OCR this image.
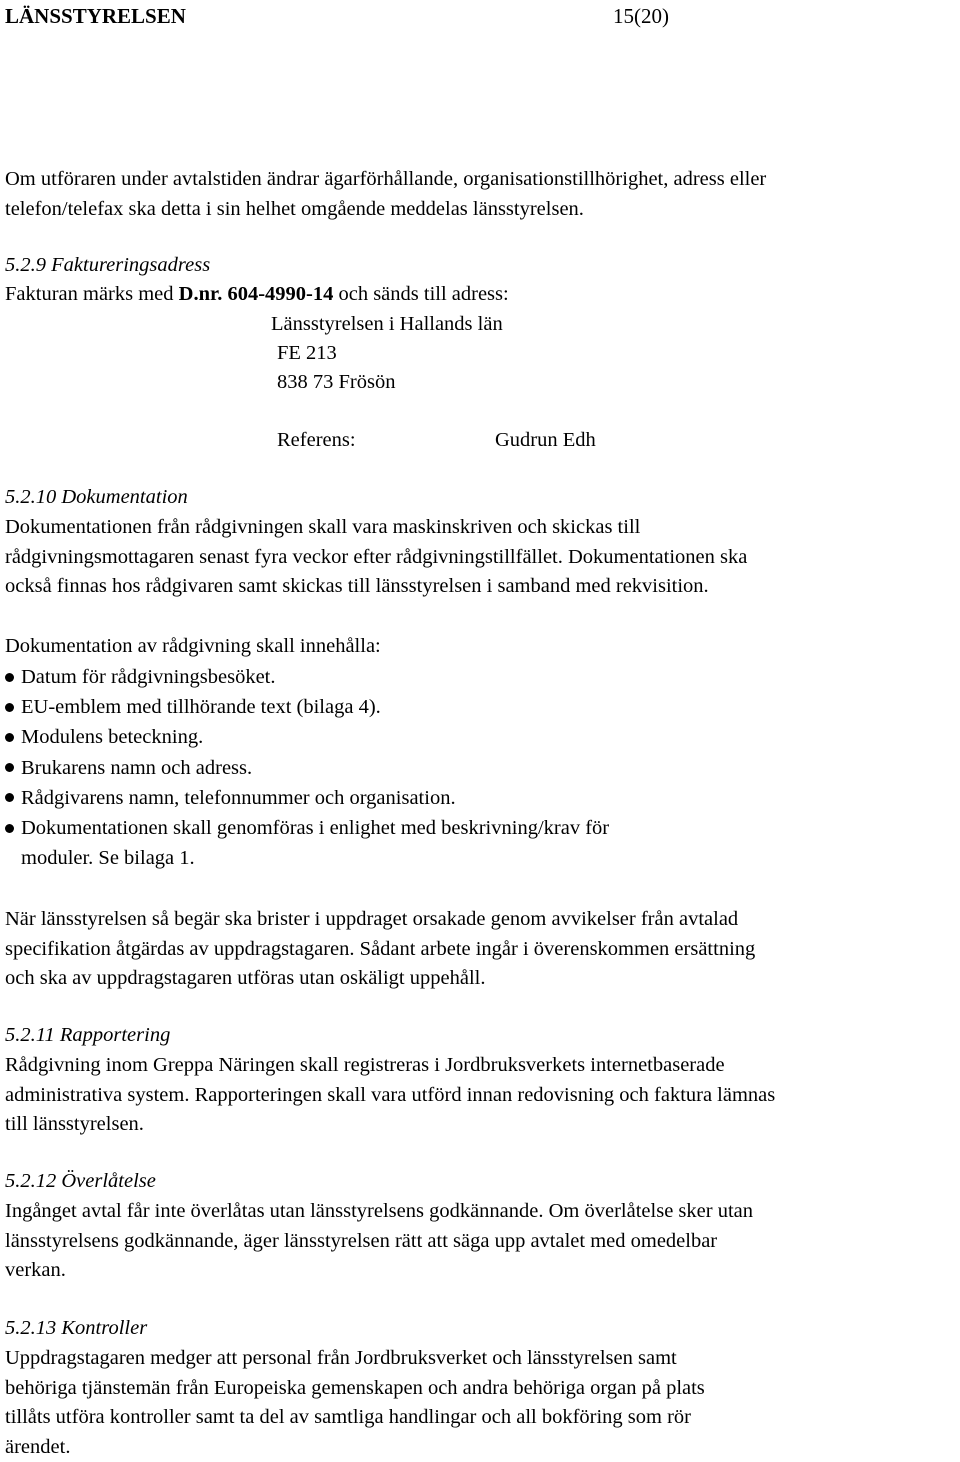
LÄNSSTYRELSEN	15(20)
Om utföraren under avtalstiden ändrar ägarförhållande, organisationstillhörighet, adress eller
telefon/telefax ska detta i sin helhet omgående meddelas länsstyrelsen.
5.2.9 Faktureringsadress
Fakturan märks med D.nr. 604-4990-14 och sänds till adress:
Länsstyrelsen i Hallands län
FE 213
838 73 Frösön
Referens:	Gudrun Edh
5.2.10 Dokumentation
Dokumentationen från rådgivningen skall vara maskinskriven och skickas till
rådgivningsmottagaren senast fyra veckor efter rådgivningstillfället. Dokumentationen ska
också finnas hos rådgivaren samt skickas till länsstyrelsen i samband med rekvisition.
Dokumentation av rådgivning skall innehålla:
Datum för rådgivningsbesöket.
EU-emblem med tillhörande text (bilaga 4).
Modulens beteckning.
Brukarens namn och adress.
Rådgivarens namn, telefonnummer och organisation.
Dokumentationen skall genomföras i enlighet med beskrivning/krav för
moduler. Se bilaga 1.
När länsstyrelsen så begär ska brister i uppdraget orsakade genom avvikelser från avtalad
specifikation åtgärdas av uppdragstagaren. Sådant arbete ingår i överenskommen ersättning
och ska av uppdragstagaren utföras utan oskäligt uppehåll.
5.2.11 Rapportering
Rådgivning inom Greppa Näringen skall registreras i Jordbruksverkets internetbaserade
administrativa system. Rapporteringen skall vara utförd innan redovisning och faktura lämnas
till länsstyrelsen.
5.2.12 Överlåtelse
Ingånget avtal får inte överlåtas utan länsstyrelsens godkännande. Om överlåtelse sker utan
länsstyrelsens godkännande, äger länsstyrelsen rätt att säga upp avtalet med omedelbar
verkan.
5.2.13 Kontroller
Uppdragstagaren medger att personal från Jordbruksverket och länsstyrelsen samt
behöriga tjänstemän från Europeiska gemenskapen och andra behöriga organ på plats
tillåts utföra kontroller samt ta del av samtliga handlingar och all bokföring som rör
ärendet.
